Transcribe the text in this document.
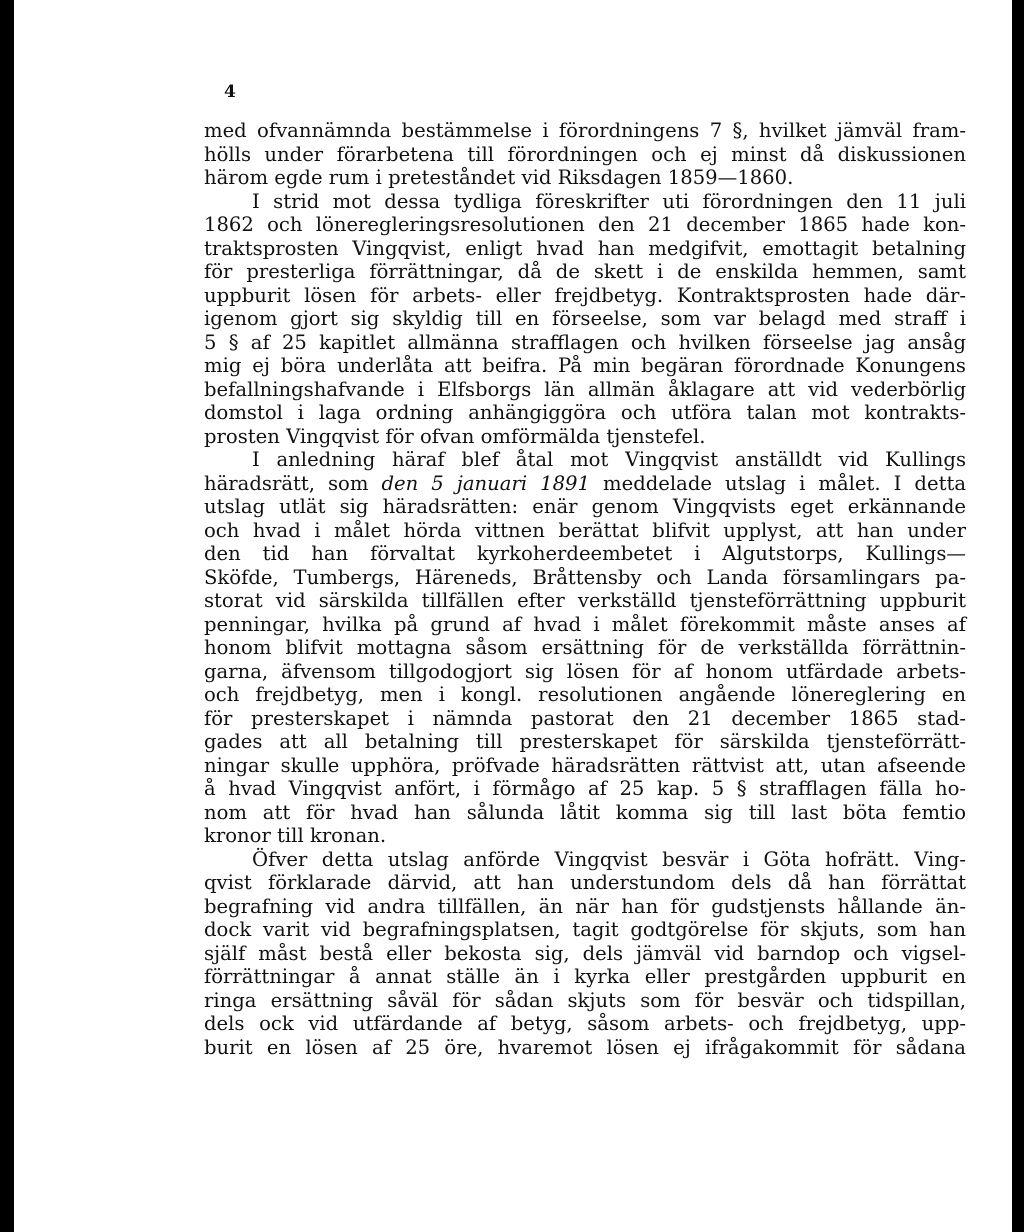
4
med ofvannämnda bestämmelse i förordningens 7 §, hvilket jämväl fram-
hölls under förarbetena till förordningen och ej minst då diskussionen
härom egde rum i preteståndet vid Riksdagen 1859—1860.
I strid mot dessa tydliga föreskrifter uti förordningen den 11 juli
1862 och löneregleringsresolutionen den 21 december 1865 hade kon-
traktsprosten Vingqvist, enligt hvad han medgifvit, emottagit betalning
för presterliga förrättningar, då de skett i de enskilda hemmen, samt
uppburit lösen för arbets- eller frejdbetyg. Kontraktsprosten hade där-
igenom gjort sig skyldig till en förseelse, som var belagd med straff i
5 § af 25 kapitlet allmänna strafflagen och hvilken förseelse jag ansåg
mig ej böra underlåta att beifra. På min begäran förordnade Konungens
befallningshafvande i Elfsborgs län allmän åklagare att vid vederbörlig
domstol i laga ordning anhängiggöra och utföra talan mot kontrakts-
prosten Vingqvist för ofvan omförmälda tjenstefel.
I anledning häraf blef åtal mot Vingqvist anställdt vid Kullings
häradsrätt, som den 5 januari 1891 meddelade utslag i målet. I detta
utslag utlät sig häradsrätten: enär genom Vingqvists eget erkännande
och hvad i målet hörda vittnen berättat blifvit upplyst, att han under
den tid han förvaltat kyrkoherdeembetet i Algutstorps, Kullings—
Sköfde, Tumbergs, Häreneds, Bråttensby och Landa församlingars pa-
storat vid särskilda tillfällen efter verkställd tjensteförrättning uppburit
penningar, hvilka på grund af hvad i målet förekommit måste anses af
honom blifvit mottagna såsom ersättning för de verkställda förrättnin-
garna, äfvensom tillgodogjort sig lösen för af honom utfärdade arbets-
och frejdbetyg, men i kongl. resolutionen angående lönereglering en
för presterskapet i nämnda pastorat den 21 december 1865 stad-
gades att all betalning till presterskapet för särskilda tjensteförrätt-
ningar skulle upphöra, pröfvade häradsrätten rättvist att, utan afseende
å hvad Vingqvist anfört, i förmågo af 25 kap. 5 § strafflagen fälla ho-
nom att för hvad han sålunda låtit komma sig till last böta femtio
kronor till kronan.
Öfver detta utslag anförde Vingqvist besvär i Göta hofrätt. Ving-
qvist förklarade därvid, att han understundom dels då han förrättat
begrafning vid andra tillfällen, än när han för gudstjensts hållande än-
dock varit vid begrafningsplatsen, tagit godtgörelse för skjuts, som han
själf måst bestå eller bekosta sig, dels jämväl vid barndop och vigsel-
förrättningar å annat ställe än i kyrka eller prestgården uppburit en
ringa ersättning såväl för sådan skjuts som för besvär och tidspillan,
dels ock vid utfärdande af betyg, såsom arbets- och frejdbetyg, upp-
burit en lösen af 25 öre, hvaremot lösen ej ifrågakommit för sådana
